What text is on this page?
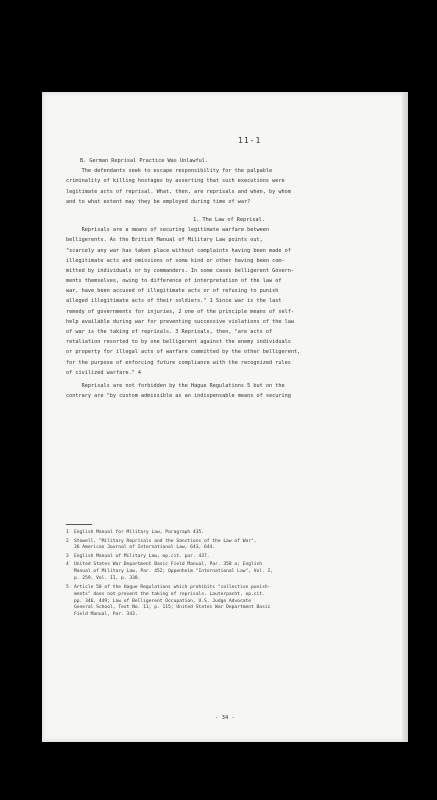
11-1
B. German Reprisal Practice Was Unlawful.
The defendants seek to escape responsibility for the palpable
criminality of killing hostages by asserting that such executions were
legitimate acts of reprisal. What, then, are reprisals and when, by whom
and to what extent may they be employed during time of war?
1. The Law of Reprisal.
Reprisals are a means of securing legitimate warfare between
belligerents. As the British Manual of Military Law points out,
"scarcely any war has taken place without complaints having been made of
illegitimate acts and omissions of some kind or other having been com-
mitted by individuals or by commanders. In some cases belligerent Govern-
ments themselves, owing to difference of interpretation of the law of
war, have been accused of illegitimate acts or of refusing to punish
alleged illegitimate acts of their soldiers." 1 Since war is the last
remedy of governments for injuries, 2 one of the principle means of self-
help available during war for preventing successive violations of the law
of war is the taking of reprisals. 3 Reprisals, then, "are acts of
retaliation resorted to by one belligerent against the enemy individuals
or property for illegal acts of warfare committed by the other belligerent,
for the purpose of enforcing future compliance with the recognized rules
of civilized warfare." 4
Reprisals are not forbidden by the Hague Regulations 5 but on the
contrary are "by custom admissible as an indispensable means of securing
1 English Manual for Military Law, Paragraph 435.
2 Stowell, "Military Reprisals and the Sanctions of the Law of War",
36 American Journal of International Law, 643, 644.
3 English Manual of Military Law, op.cit. par. 437.
4 United States War Department Basic Field Manual, Par. 358 a; English
Manual of Military Law, Par. 452; Oppenheim "International Law", Vol. I,
p. 259, Vol. II, p. 338.
5 Article 50 of the Hague Regulations which prohibits "collective punish-
ments" does not prevent the taking of reprisals. Lauterpacht, op.cit.
pp. 346, 449; Law of Belligerent Occupation, U.S. Judge Advocate
General School, Text No. 11, p. 115; United States War Department Basic
Field Manual, Par. 343.
- 34 -
